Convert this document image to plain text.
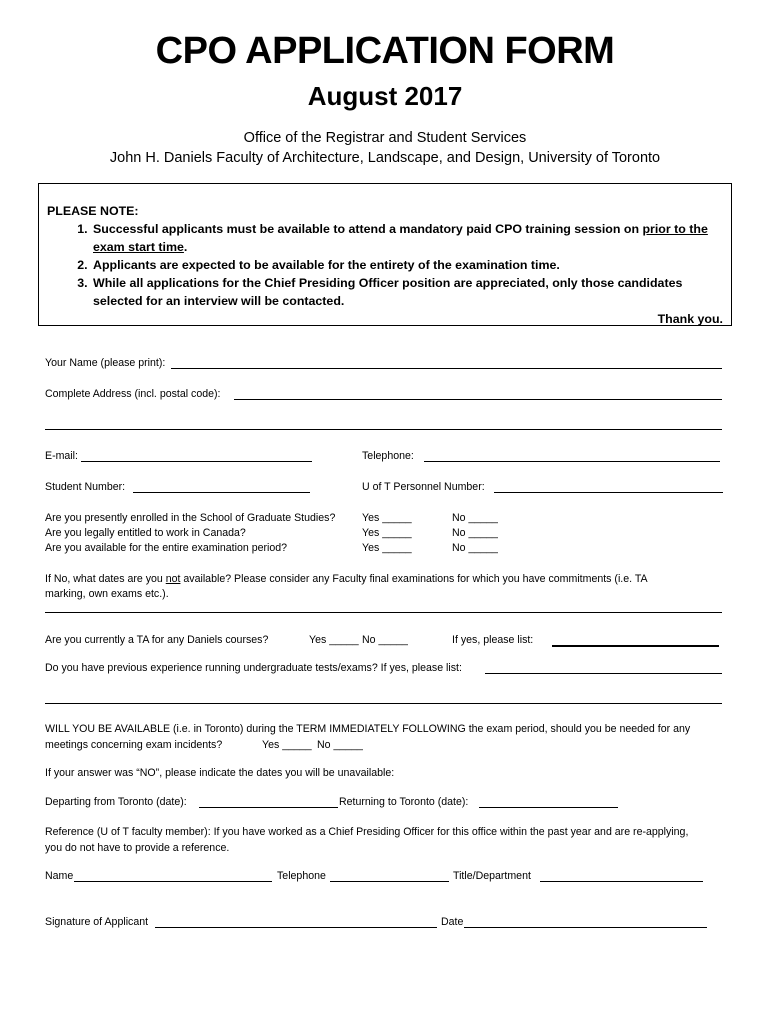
CPO APPLICATION FORM
August 2017

Office of the Registrar and Student Services

John H. Daniels Faculty of Architecture, Landscape, and Design, University of Toronto

PLEASE NOTE:
1. Successful applicants must be available to attend a mandatory paid CPO training session on prior to the exam start time.
2. Applicants are expected to be available for the entirety of the examination time.
3. While all applications for the Chief Presiding Officer position are appreciated, only those candidates selected for an interview will be contacted.
Thank you.
Your Name (please print):
Complete Address (incl. postal code):
E-mail:	Telephone:
Student Number:	U of T Personnel Number:
Are you presently enrolled in the School of Graduate Studies?	Yes _____	No _____
Are you legally entitled to work in Canada?	Yes _____	No _____
Are you available for the entire examination period?	Yes _____	No _____
If No, what dates are you not available? Please consider any Faculty final examinations for which you have commitments (i.e. TA
marking, own exams etc.).
Are you currently a TA for any Daniels courses?	Yes _____ No _____	If yes, please list:
Do you have previous experience running undergraduate tests/exams? If yes, please list:
WILL YOU BE AVAILABLE (i.e. in Toronto) during the TERM IMMEDIATELY FOLLOWING the exam period, should you be needed for any
meetings concerning exam incidents?	Yes _____ No _____
If your answer was “NO”, please indicate the dates you will be unavailable:
Departing from Toronto (date):	Returning to Toronto (date):
Reference (U of T faculty member): If you have worked as a Chief Presiding Officer for this office within the past year and are re-applying,
you do not have to provide a reference.
Name	Telephone	Title/Department
Signature of Applicant	Date
